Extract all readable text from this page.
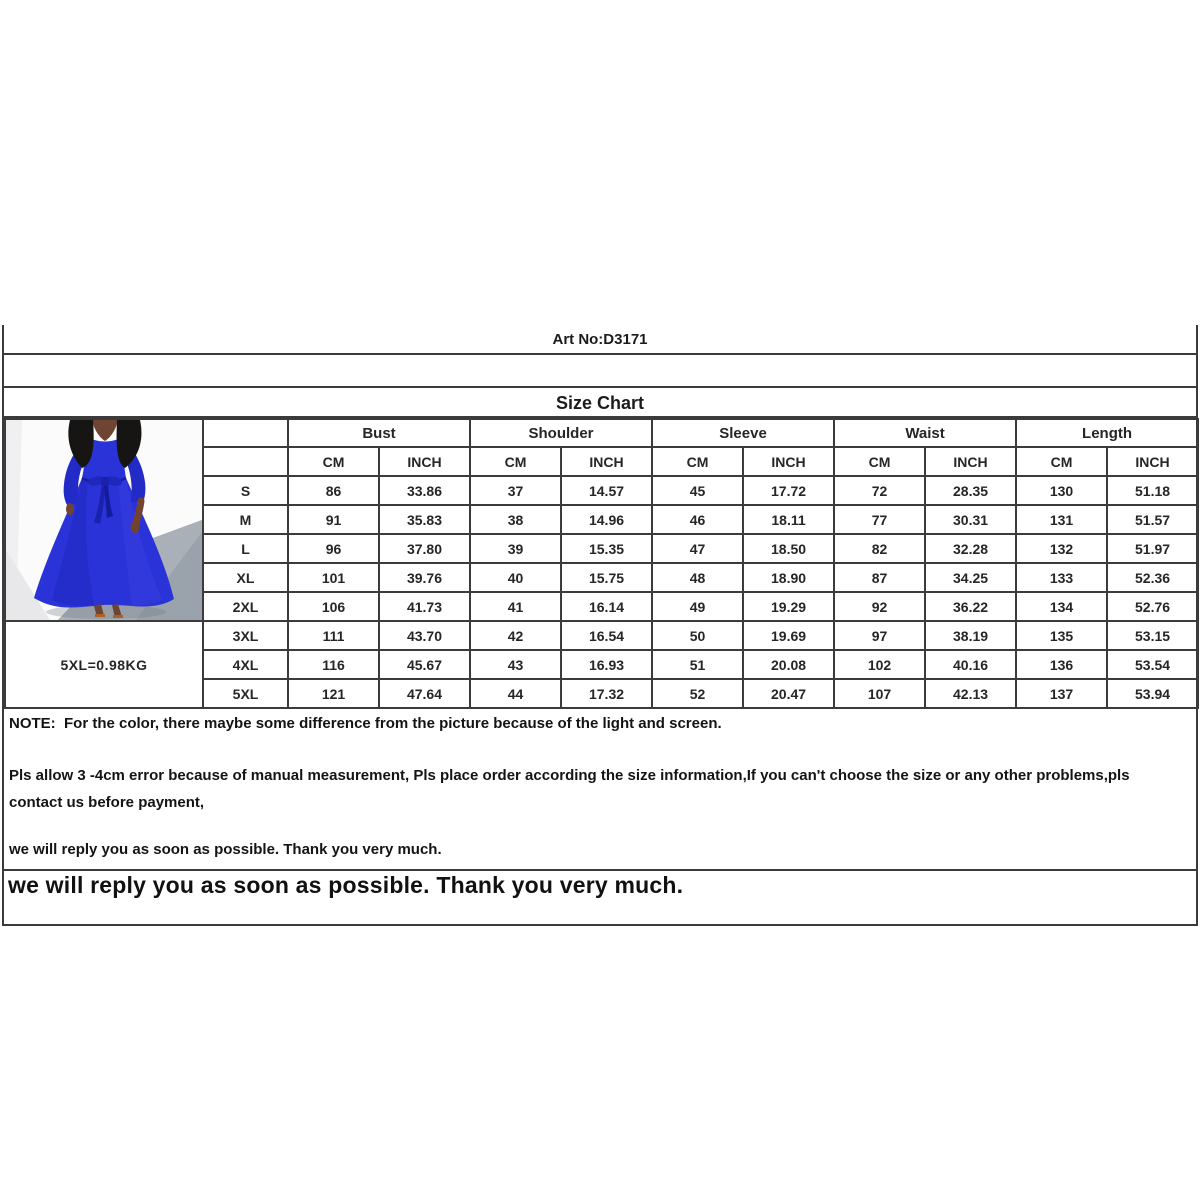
Art No:D3171

Size Chart
		Bust		Shoulder		Sleeve		Waist		Length	
		CM	INCH	CM	INCH	CM	INCH	CM	INCH	CM	INCH
	S	86	33.86	37	14.57	45	17.72	72	28.35	130	51.18
	M	91	35.83	38	14.96	46	18.11	77	30.31	131	51.57
	L	96	37.80	39	15.35	47	18.50	82	32.28	132	51.97
	XL	101	39.76	40	15.75	48	18.90	87	34.25	133	52.36
	2XL	106	41.73	41	16.14	49	19.29	92	36.22	134	52.76
5XL=0.98KG	3XL	111	43.70	42	16.54	50	19.69	97	38.19	135	53.15
	4XL	116	45.67	43	16.93	51	20.08	102	40.16	136	53.54
	5XL	121	47.64	44	17.32	52	20.47	107	42.13	137	53.94
NOTE:  For the color, there maybe some difference from the picture because of the light and screen.
Pls allow 3 -4cm error because of manual measurement, Pls place order according the size information,If you can't choose the size or any other problems,pls
contact us before payment,
we will reply you as soon as possible. Thank you very much.
we will reply you as soon as possible. Thank you very much.
